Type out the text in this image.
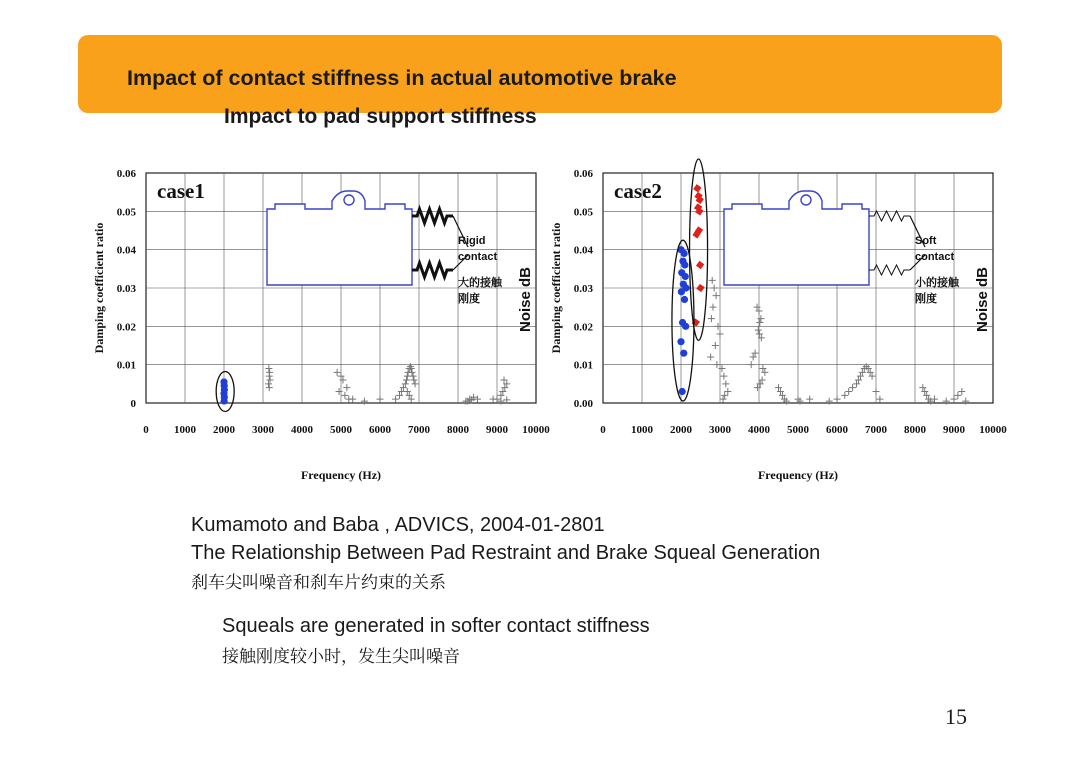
Impact of contact stiffness in actual automotive brake
Impact to pad support stiffness
0 1000 2000 3000 4000 5000 6000 7000 8000 9000 10000
0
0.01
0.02
0.03
0.04
0.05
0.06
Frequency (Hz)
Damping coefficient ratio	Noise dB
case1
Rigid
contact
大的接触
刚度
0 1000 2000 3000 4000 5000 6000 7000 8000 9000 10000
0.00
0.01
0.02
0.03
0.04
0.05
0.06
Frequency (Hz)
Damping coefficient ratio	Noise dB
case2
Soft
contact
小的接触
刚度
Kumamoto and Baba , ADVICS, 2004-01-2801
The Relationship Between Pad Restraint and Brake Squeal Generation
刹车尖叫噪音和刹车片约束的关系
Squeals are generated in softer contact stiffness
接触刚度较小时，发生尖叫噪音
15
